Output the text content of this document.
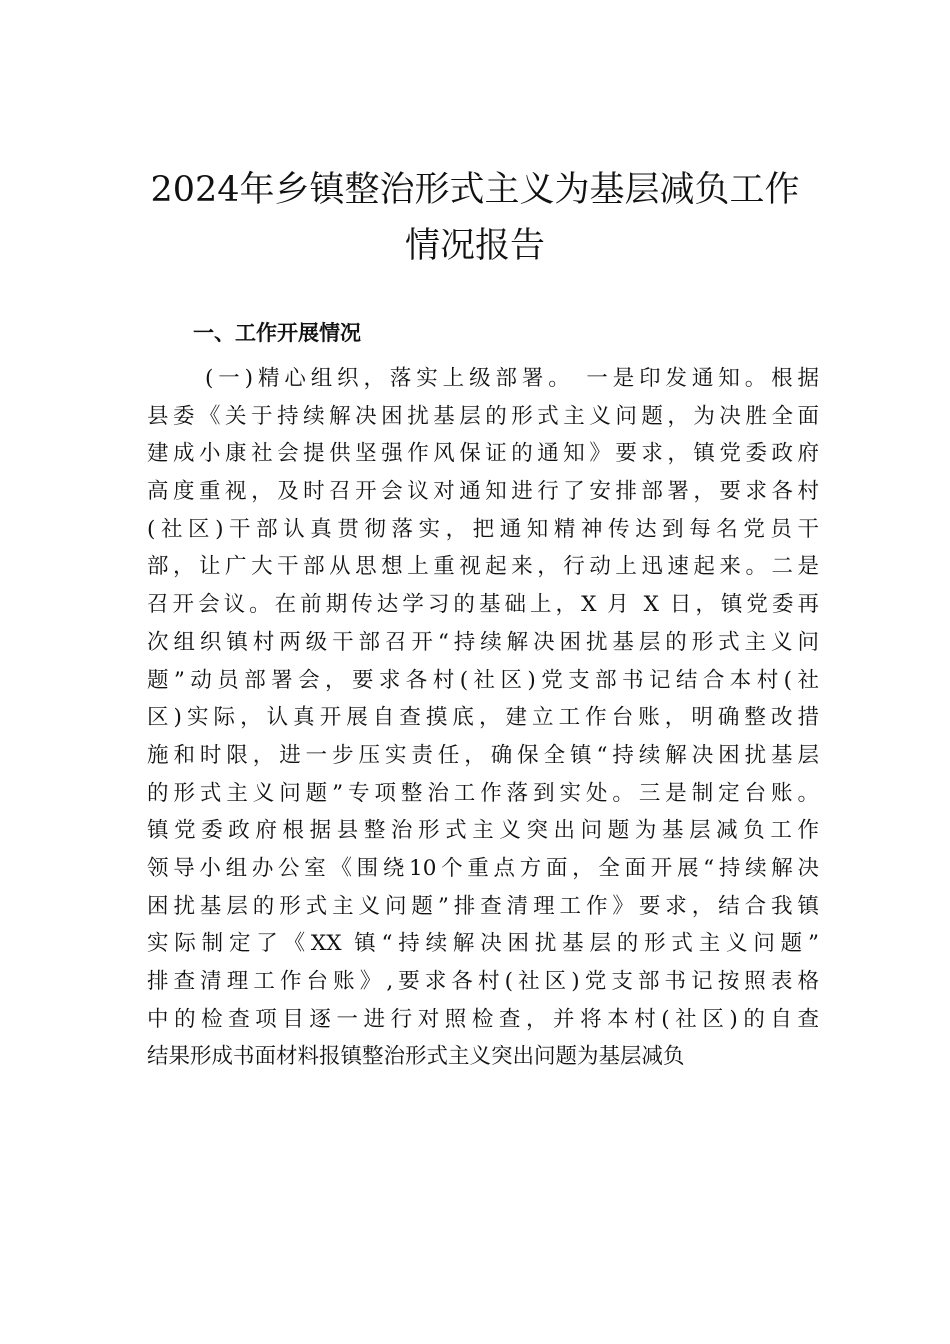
2024年乡镇整治形式主义为基层减负工作
情况报告
一、工作开展情况
(一)精心组织，落实上级部署。 一是印发通知。根据
县委《关于持续解决困扰基层的形式主义问题，为决胜全面
建成小康社会提供坚强作风保证的通知》要求，镇党委政府
高度重视，及时召开会议对通知进行了安排部署，要求各村
(社区)干部认真贯彻落实，把通知精神传达到每名党员干
部，让广大干部从思想上重视起来，行动上迅速起来。二是
召开会议。在前期传达学习的基础上，X 月 X 日，镇党委再
次组织镇村两级干部召开“持续解决困扰基层的形式主义问
题”动员部署会，要求各村(社区)党支部书记结合本村(社
区)实际，认真开展自查摸底，建立工作台账，明确整改措
施和时限，进一步压实责任，确保全镇“持续解决困扰基层
的形式主义问题”专项整治工作落到实处。三是制定台账。
镇党委政府根据县整治形式主义突出问题为基层减负工作
领导小组办公室《围绕10个重点方面，全面开展“持续解决
困扰基层的形式主义问题”排查清理工作》要求，结合我镇
实际制定了《XX 镇“持续解决困扰基层的形式主义问题”
排查清理工作台账》,要求各村(社区)党支部书记按照表格
中的检查项目逐一进行对照检查，并将本村(社区)的自查
结果形成书面材料报镇整治形式主义突出问题为基层减负
